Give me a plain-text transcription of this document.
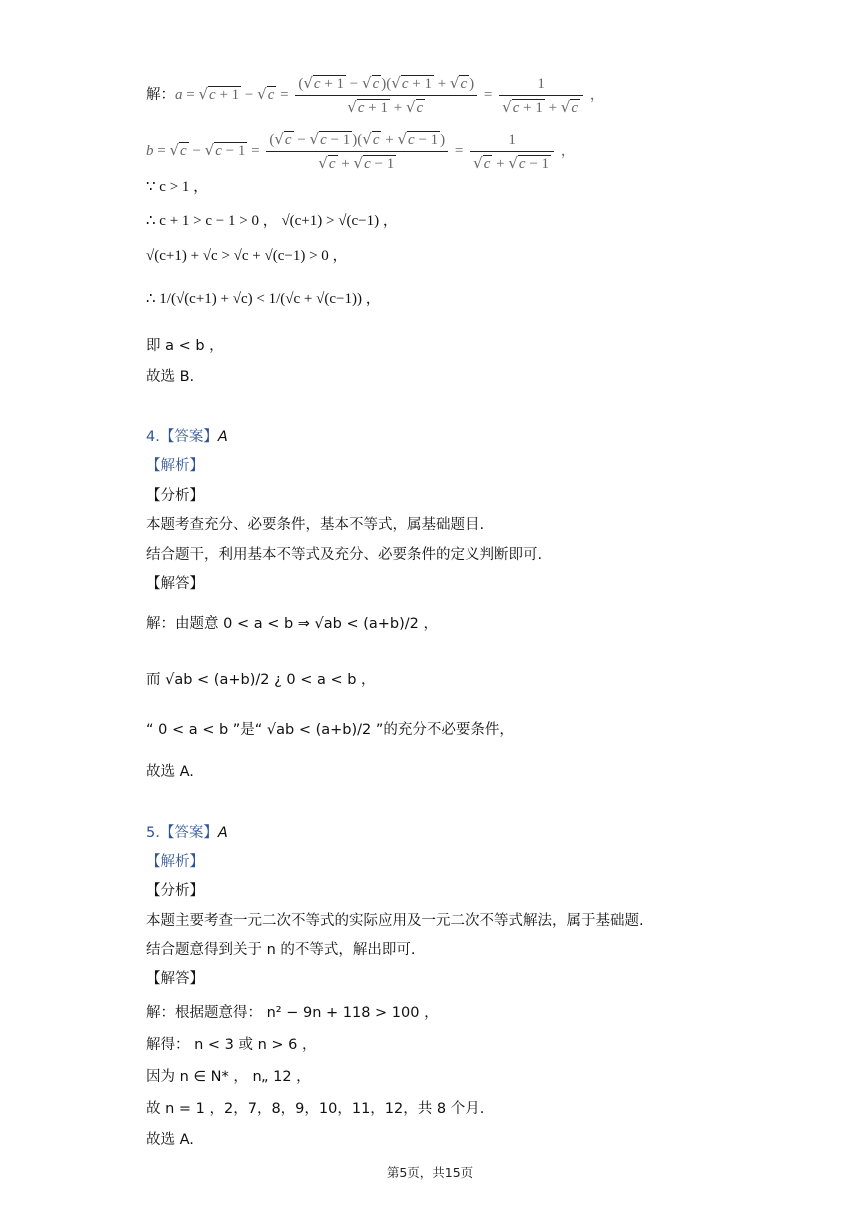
解：$a = √c + 1 - √c = \frac{(√c + 1 - √c )(√c + 1 + √c )}{√c + 1 + √c} = \frac{1}{√c + 1 + √c}$ ，
$b = √c - √c - 1 = \frac{(√c - √c - 1 )(√c + √c - 1 )}{√c + √c - 1} = \frac{1}{√c + √c - 1}$ ，
∵ c > 1 ，
∴ c + 1 > c − 1 > 0 ， √(c+1) > √(c−1) ，
√(c+1) + √c > √c + √(c−1) > 0 ，
∴ 1/(√(c+1) + √c) < 1/(√c + √(c−1)) ，
即 a < b ，
故选 B.
4.【答案】A
【解析】
【分析】
本题考查充分、必要条件，基本不等式，属基础题目.
结合题干，利用基本不等式及充分、必要条件的定义判断即可.
【解答】
解：由题意 0 < a < b ⇒ √ab < (a+b)/2 ，
而 √ab < (a+b)/2 ¿ 0 < a < b ，
“ 0 < a < b ”是“ √ab < (a+b)/2 ”的充分不必要条件，
故选 A.
5.【答案】A
【解析】
【分析】
本题主要考查一元二次不等式的实际应用及一元二次不等式解法，属于基础题.
结合题意得到关于 n 的不等式，解出即可.
【解答】
解：根据题意得： n² − 9n + 118 > 100 ，
解得： n < 3 或 n > 6 ，
因为 n ∈ N* ， n„ 12 ，
故 n = 1 ，2，7，8，9，10，11，12，共 8 个月.
故选 A.
第5页，共15页
